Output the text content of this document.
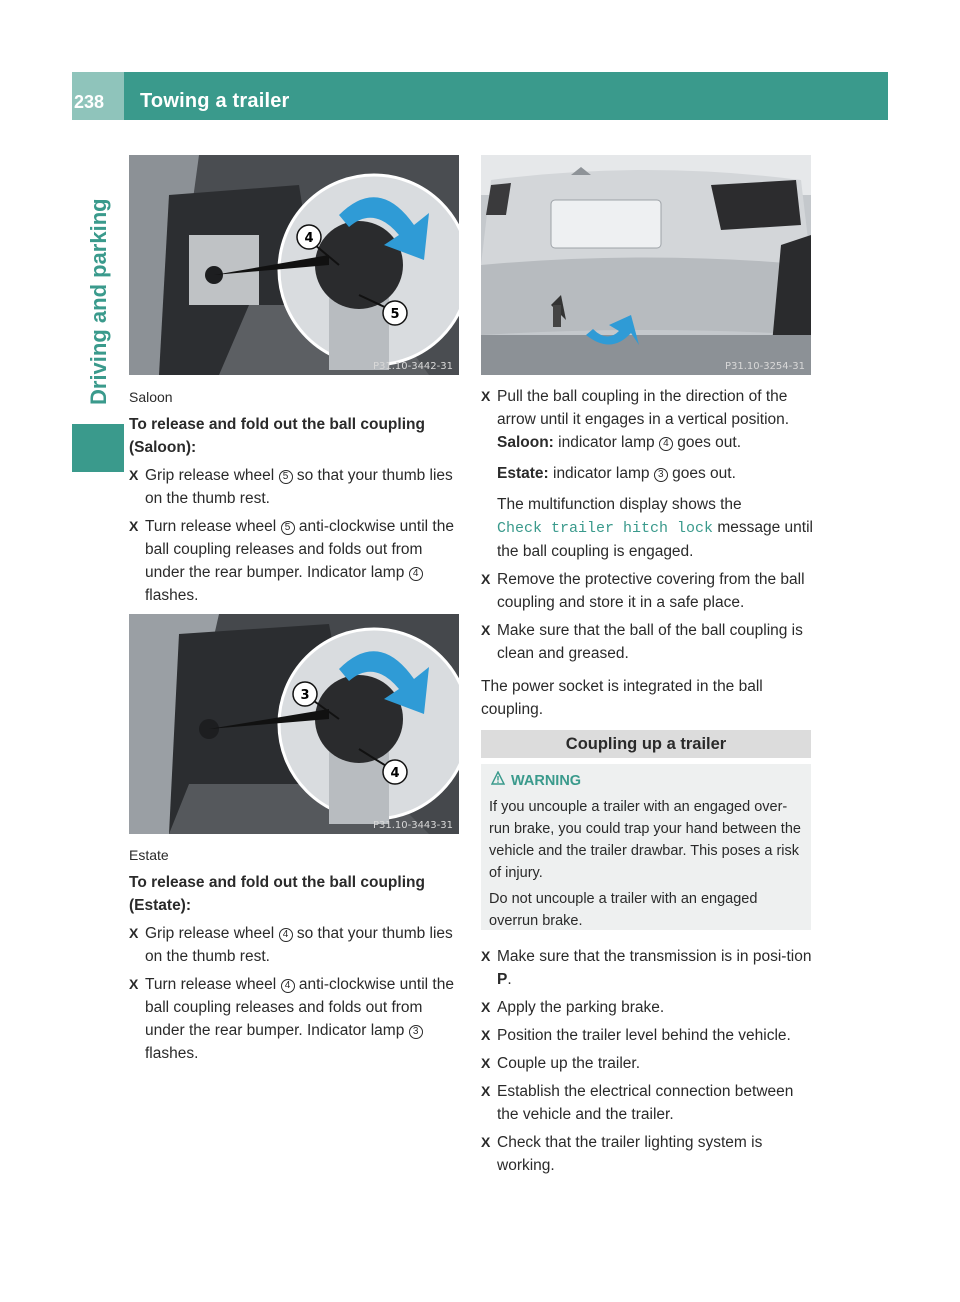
238	Towing a trailer
Driving and parking	4
5
P31.10-3442-31
Saloon
To release and fold out the ball coupling (Saloon):
X Grip release wheel 5 so that your thumb lies on the thumb rest.
X Turn release wheel 5 anti-clockwise until the ball coupling releases and folds out from under the rear bumper. Indicator lamp 4 flashes.
3
4
P31.10-3443-31
Estate
To release and fold out the ball coupling (Estate):
X Grip release wheel 4 so that your thumb lies on the thumb rest.
X Turn release wheel 4 anti-clockwise until the ball coupling releases and folds out from under the rear bumper. Indicator lamp 3 flashes.
P31.10-3254-31
X Pull the ball coupling in the direction of the arrow until it engages in a vertical position.
Saloon: indicator lamp 4 goes out.
Estate: indicator lamp 3 goes out.
The multifunction display shows the
Check trailer hitch lock message until the ball coupling is engaged.
X Remove the protective covering from the ball coupling and store it in a safe place.
X Make sure that the ball of the ball coupling is clean and greased.
The power socket is integrated in the ball coupling.
Coupling up a trailer
WARNING

If you uncouple a trailer with an engaged over-run brake, you could trap your hand between the vehicle and the trailer drawbar. This poses a risk of injury.

Do not uncouple a trailer with an engaged overrun brake.

X Make sure that the transmission is in posi-tion P.
X Apply the parking brake.
X Position the trailer level behind the vehicle.
X Couple up the trailer.
X Establish the electrical connection between the vehicle and the trailer.
X Check that the trailer lighting system is working.
